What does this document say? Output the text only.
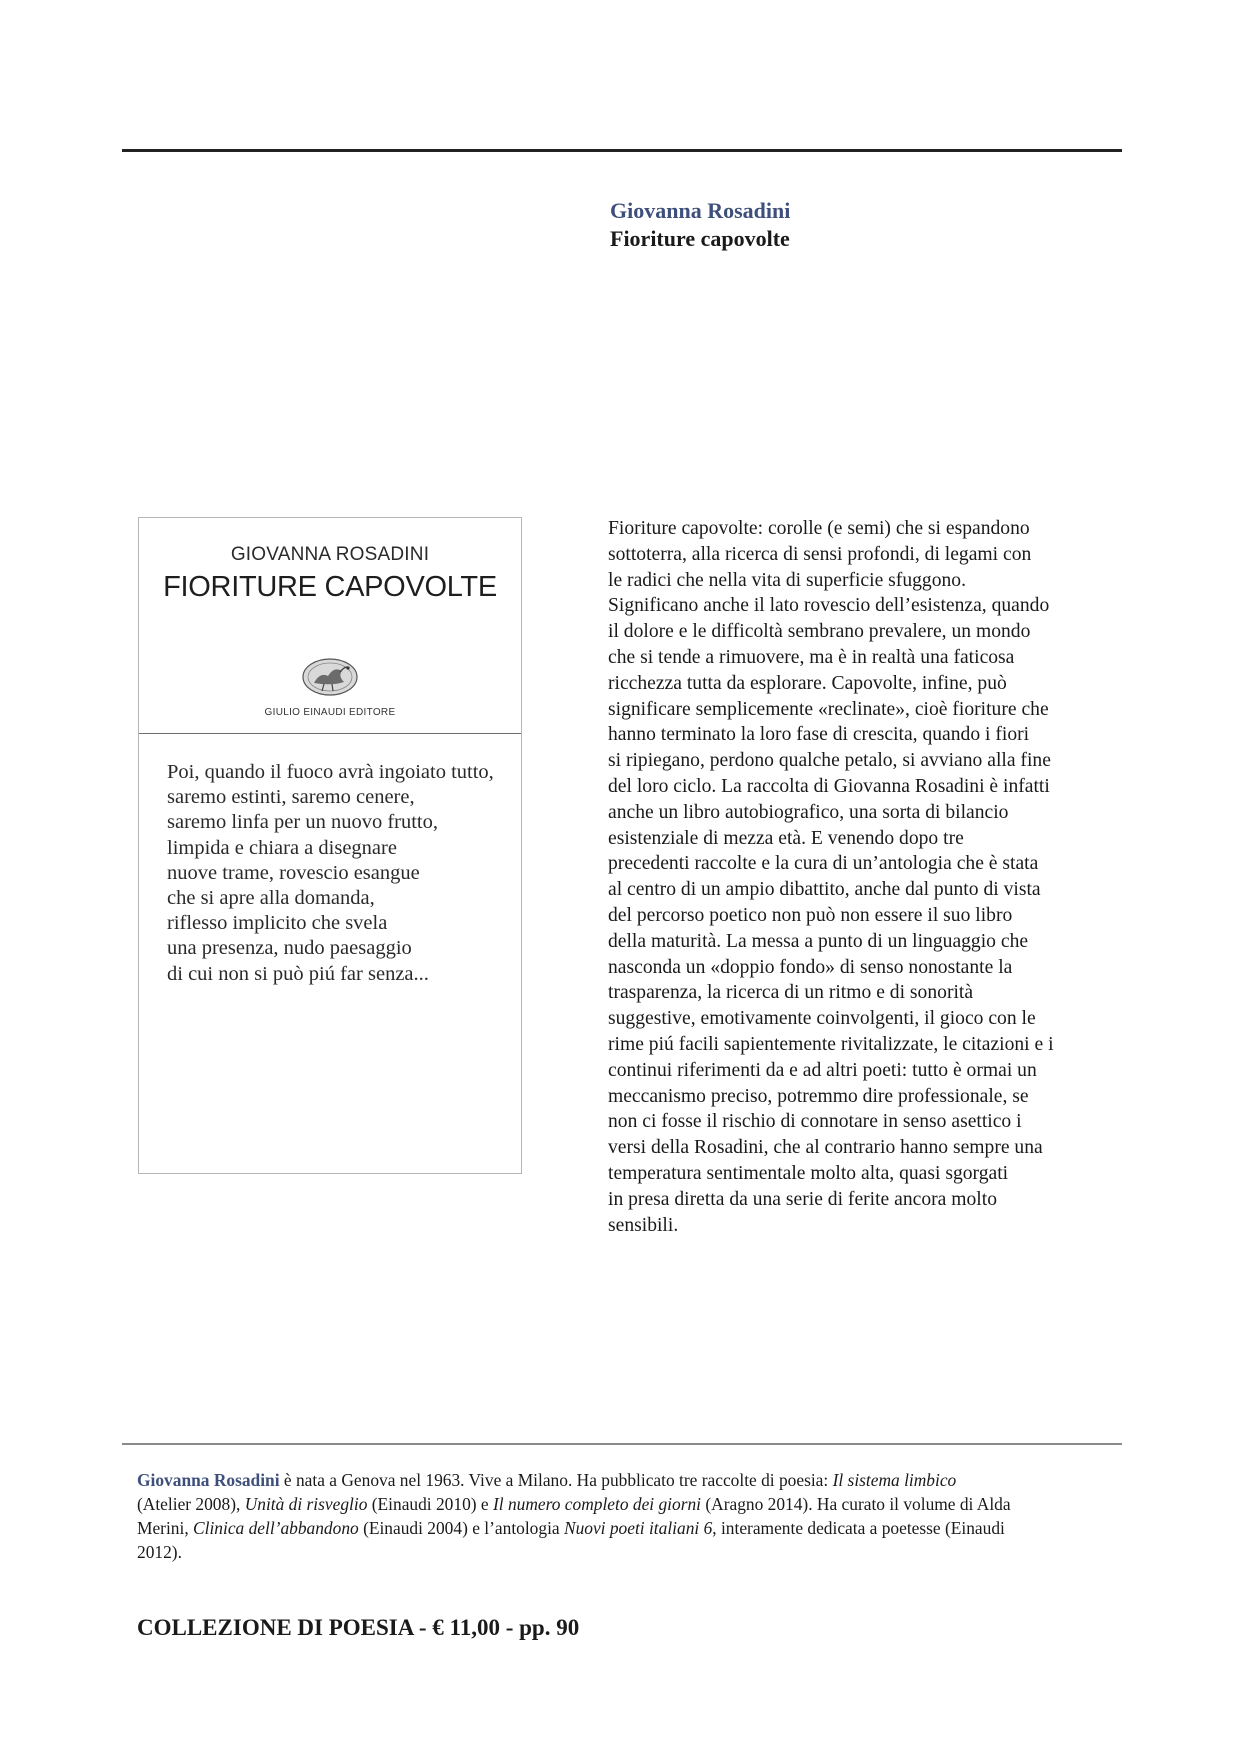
Giovanna Rosadini
Fioriture capovolte
GIOVANNA ROSADINI
FIORITURE CAPOVOLTE
GIULIO EINAUDI EDITORE
Poi, quando il fuoco avrà ingoiato tutto,
saremo estinti, saremo cenere,
saremo linfa per un nuovo frutto,
limpida e chiara a disegnare
nuove trame, rovescio esangue
che si apre alla domanda,
riflesso implicito che svela
una presenza, nudo paesaggio
di cui non si può piú far senza...
Fioriture capovolte: corolle (e semi) che si espandono
sottoterra, alla ricerca di sensi profondi, di legami con
le radici che nella vita di superficie sfuggono.
Significano anche il lato rovescio dell’esistenza, quando
il dolore e le difficoltà sembrano prevalere, un mondo
che si tende a rimuovere, ma è in realtà una faticosa
ricchezza tutta da esplorare. Capovolte, infine, può
significare semplicemente «reclinate», cioè fioriture che
hanno terminato la loro fase di crescita, quando i fiori
si ripiegano, perdono qualche petalo, si avviano alla fine
del loro ciclo. La raccolta di Giovanna Rosadini è infatti
anche un libro autobiografico, una sorta di bilancio
esistenziale di mezza età. E venendo dopo tre
precedenti raccolte e la cura di un’antologia che è stata
al centro di un ampio dibattito, anche dal punto di vista
del percorso poetico non può non essere il suo libro
della maturità. La messa a punto di un linguaggio che
nasconda un «doppio fondo» di senso nonostante la
trasparenza, la ricerca di un ritmo e di sonorità
suggestive, emotivamente coinvolgenti, il gioco con le
rime piú facili sapientemente rivitalizzate, le citazioni e i
continui riferimenti da e ad altri poeti: tutto è ormai un
meccanismo preciso, potremmo dire professionale, se
non ci fosse il rischio di connotare in senso asettico i
versi della Rosadini, che al contrario hanno sempre una
temperatura sentimentale molto alta, quasi sgorgati
in presa diretta da una serie di ferite ancora molto
sensibili.
Giovanna Rosadini è nata a Genova nel 1963. Vive a Milano. Ha pubblicato tre raccolte di poesia: Il sistema limbico
(Atelier 2008), Unità di risveglio (Einaudi 2010) e Il numero completo dei giorni (Aragno 2014). Ha curato il volume di Alda
Merini, Clinica dell’abbandono (Einaudi 2004) e l’antologia Nuovi poeti italiani 6, interamente dedicata a poetesse (Einaudi
2012).
COLLEZIONE DI POESIA - € 11,00 - pp. 90
